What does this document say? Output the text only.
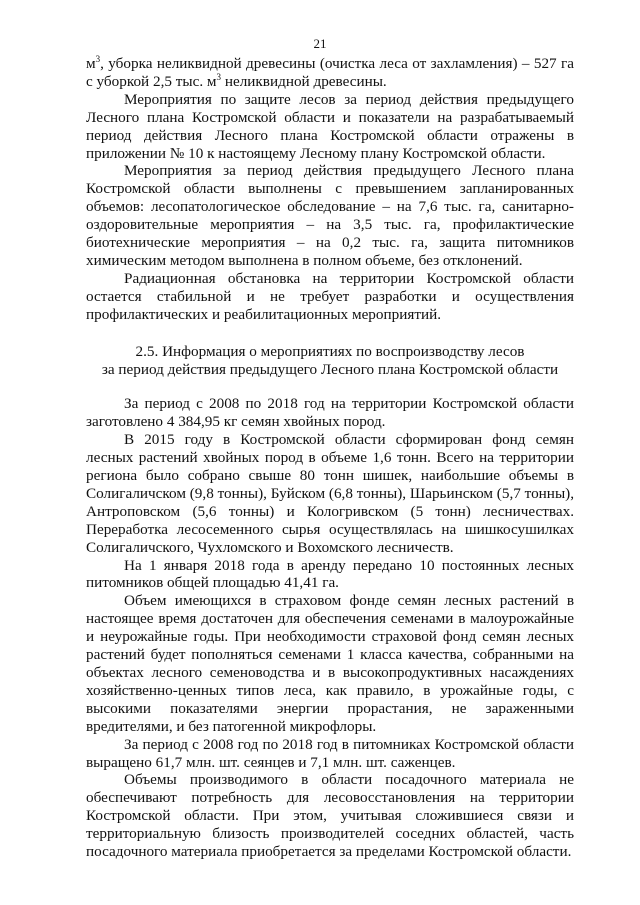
21

$м^3$, уборка неликвидной древесины (очистка леса от захламления) – 527 га с уборкой 2,5 тыс. $м^3$ неликвидной древесины.

Мероприятия по защите лесов за период действия предыдущего Лесного плана Костромской области и показатели на разрабатываемый период действия Лесного плана Костромской области отражены в приложении № 10 к настоящему Лесному плану Костромской области.

Мероприятия за период действия предыдущего Лесного плана Костромской области выполнены с превышением запланированных объемов: лесопатологическое обследование – на 7,6 тыс. га, санитарно-оздоровительные мероприятия – на 3,5 тыс. га, профилактические биотехнические мероприятия – на 0,2 тыс. га, защита питомников химическим методом выполнена в полном объеме, без отклонений.

Радиационная обстановка на территории Костромской области остается стабильной и не требует разработки и осуществления профилактических и реабилитационных мероприятий.

2.5. Информация о мероприятиях по воспроизводству лесов
за период действия предыдущего Лесного плана Костромской области

За период с 2008 по 2018 год на территории Костромской области заготовлено 4 384,95 кг семян хвойных пород.

В 2015 году в Костромской области сформирован фонд семян лесных растений хвойных пород в объеме 1,6 тонн. Всего на территории региона было собрано свыше 80 тонн шишек, наибольшие объемы в Солигаличском (9,8 тонны), Буйском (6,8 тонны), Шарьинском (5,7 тонны), Антроповском (5,6 тонны) и Кологривском (5 тонн) лесничествах. Переработка лесосеменного сырья осуществлялась на шишкосушилках Солигаличского, Чухломского и Вохомского лесничеств.

На 1 января 2018 года в аренду передано 10 постоянных лесных питомников общей площадью 41,41 га.

Объем имеющихся в страховом фонде семян лесных растений в настоящее время достаточен для обеспечения семенами в малоурожайные и неурожайные годы. При необходимости страховой фонд семян лесных растений будет пополняться семенами 1 класса качества, собранными на объектах лесного семеноводства и в высокопродуктивных насаждениях хозяйственно-ценных типов леса, как правило, в урожайные годы, с высокими показателями энергии прорастания, не зараженными вредителями, и без патогенной микрофлоры.

За период с 2008 год по 2018 год в питомниках Костромской области выращено 61,7 млн. шт. сеянцев и 7,1 млн. шт. саженцев.

Объемы производимого в области посадочного материала не обеспечивают потребность для лесовосстановления на территории Костромской области. При этом, учитывая сложившиеся связи и территориальную близость производителей соседних областей, часть посадочного материала приобретается за пределами Костромской области.
